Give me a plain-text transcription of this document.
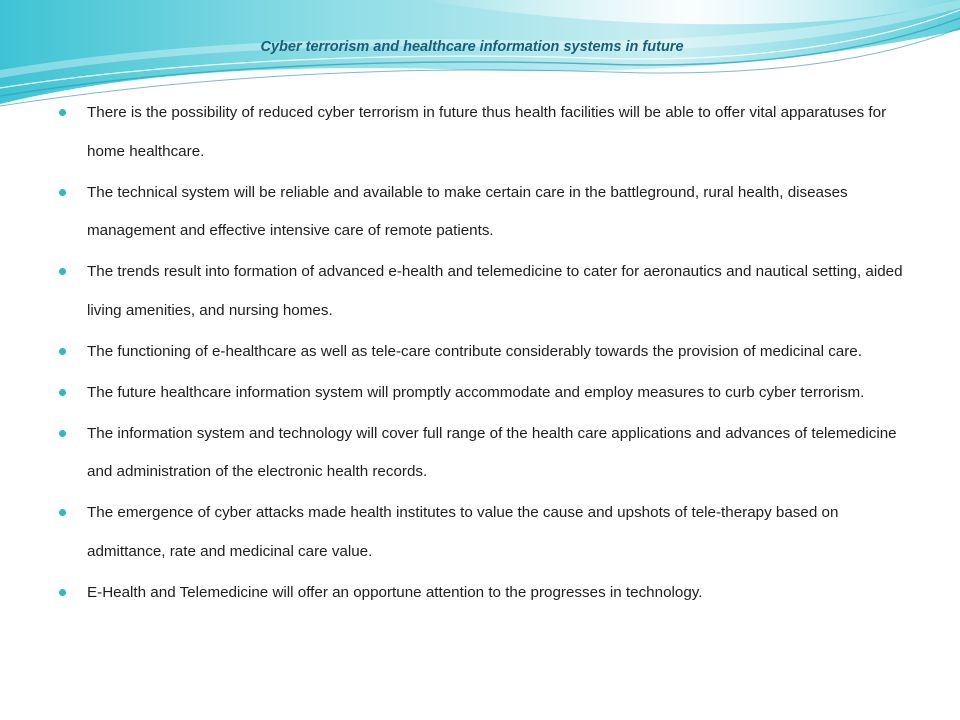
Cyber terrorism and healthcare information systems in future
There is the possibility of reduced cyber terrorism in future thus health facilities will be able to offer vital apparatuses for home healthcare.
The technical system will be reliable and available to make certain care in the battleground, rural health, diseases management and effective intensive care of remote patients.
The trends result into formation of advanced e-health and telemedicine to cater for aeronautics and nautical setting, aided living amenities, and nursing homes.
The functioning of e-healthcare as well as tele-care contribute considerably towards the provision of medicinal care.
The future healthcare information system will promptly accommodate and employ measures to curb cyber terrorism.
The information system and technology will cover full range of the health care applications and advances of telemedicine and administration of the electronic health records.
The emergence of cyber attacks made health institutes to value the cause and upshots of tele-therapy based on admittance, rate and medicinal care value.
E-Health and Telemedicine will offer an opportune attention to the progresses in technology.
